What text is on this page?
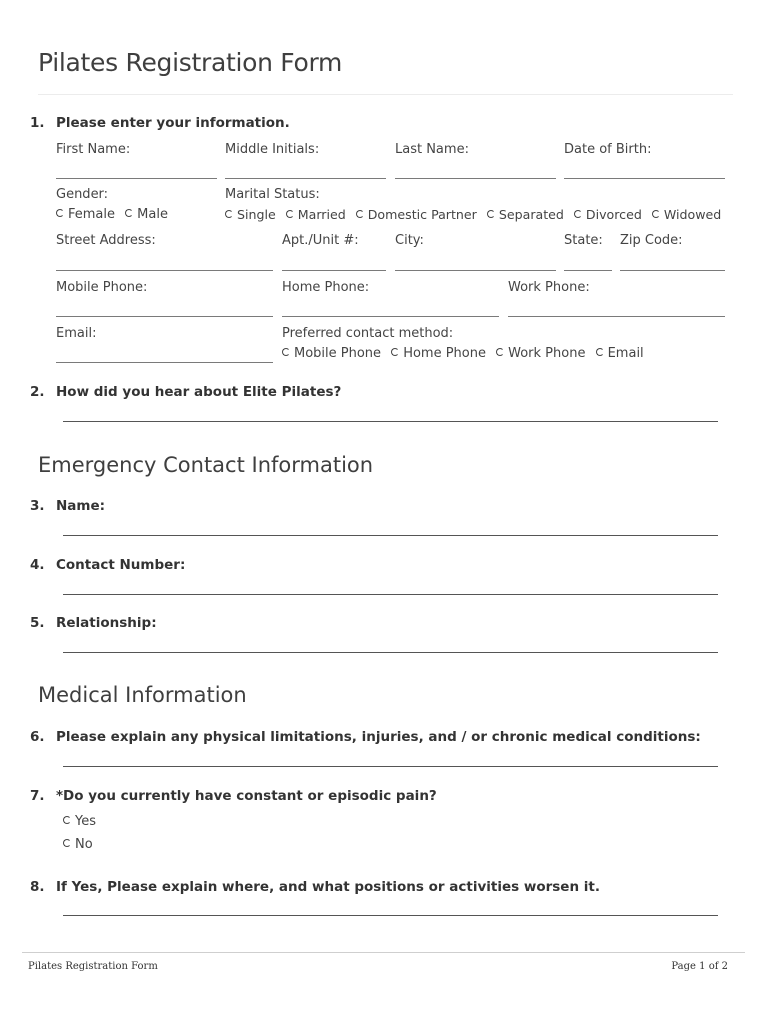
Pilates Registration Form
1. Please enter your information.
First Name:	Middle Initials:	Last Name:	Date of Birth:
Gender:
Female Male
Marital Status:
Single Married Domestic Partner Separated Divorced Widowed
Street Address:	Apt./Unit #:	City:	State: Zip Code:
Mobile Phone:	Home Phone:	Work Phone:
Email:	Preferred contact method:
Mobile Phone Home Phone Work Phone Email
2. How did you hear about Elite Pilates?
Emergency Contact Information
3. Name:
4. Contact Number:
5. Relationship:
Medical Information
6. Please explain any physical limitations, injuries, and / or chronic medical conditions:
7. *Do you currently have constant or episodic pain?
Yes
No
8. If Yes, Please explain where, and what positions or activities worsen it.
Pilates Registration Form	Page 1 of 2
